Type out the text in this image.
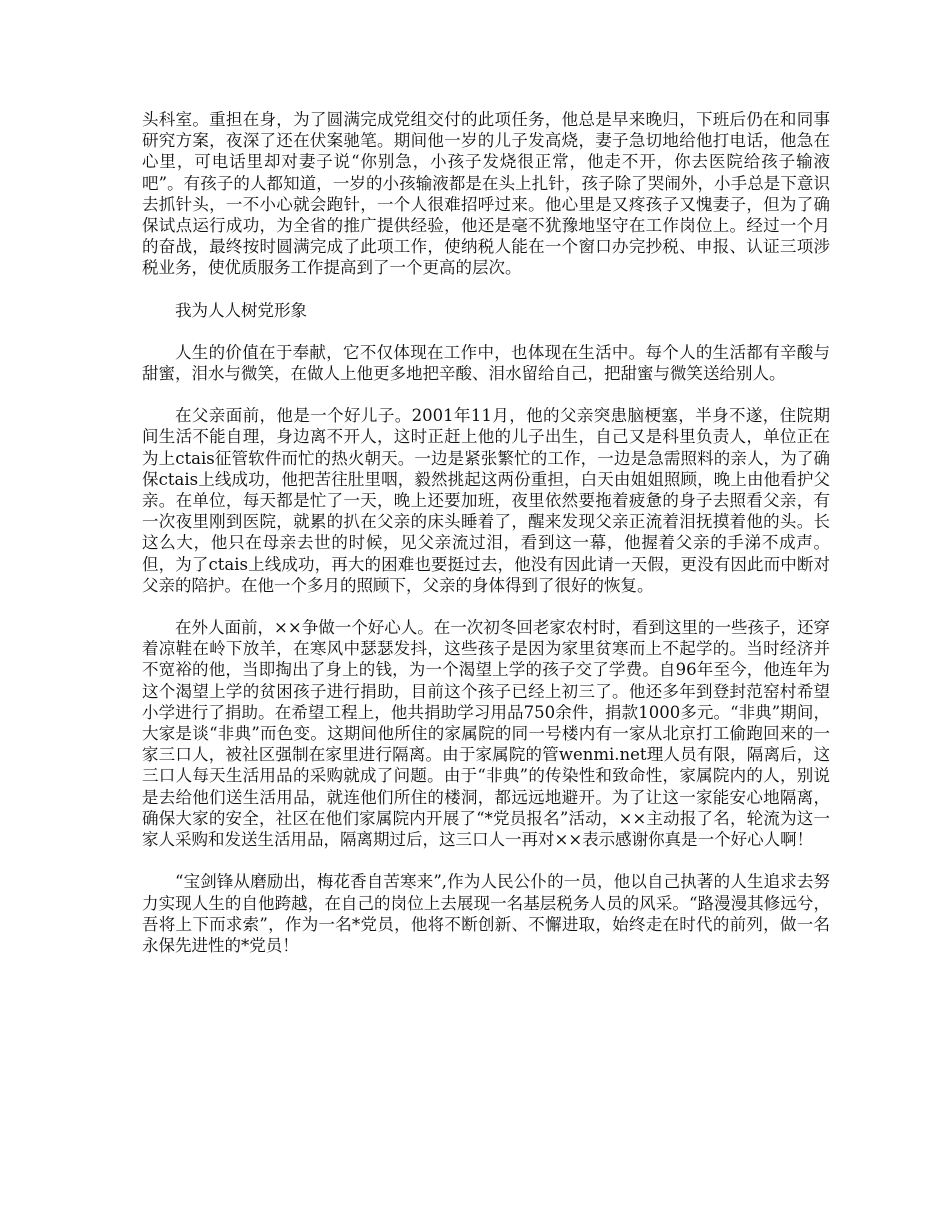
头科室。重担在身，为了圆满完成党组交付的此项任务，他总是早来晚归，下班后仍在和同事研究方案，夜深了还在伏案驰笔。期间他一岁的儿子发高烧，妻子急切地给他打电话，他急在心里，可电话里却对妻子说“你别急，小孩子发烧很正常，他走不开，你去医院给孩子输液吧”。有孩子的人都知道，一岁的小孩输液都是在头上扎针，孩子除了哭闹外，小手总是下意识去抓针头，一不小心就会跑针，一个人很难招呼过来。他心里是又疼孩子又愧妻子，但为了确保试点运行成功，为全省的推广提供经验，他还是毫不犹豫地坚守在工作岗位上。经过一个月的奋战，最终按时圆满完成了此项工作，使纳税人能在一个窗口办完抄税、申报、认证三项涉税业务，使优质服务工作提高到了一个更高的层次。

我为人人树党形象

人生的价值在于奉献，它不仅体现在工作中，也体现在生活中。每个人的生活都有辛酸与甜蜜，泪水与微笑，在做人上他更多地把辛酸、泪水留给自己，把甜蜜与微笑送给别人。

在父亲面前，他是一个好儿子。2001年11月，他的父亲突患脑梗塞，半身不遂，住院期间生活不能自理，身边离不开人，这时正赶上他的儿子出生，自己又是科里负责人，单位正在为上ctais征管软件而忙的热火朝天。一边是紧张繁忙的工作，一边是急需照料的亲人，为了确保ctais上线成功，他把苦往肚里咽，毅然挑起这两份重担，白天由姐姐照顾，晚上由他看护父亲。在单位，每天都是忙了一天，晚上还要加班，夜里依然要拖着疲惫的身子去照看父亲，有一次夜里刚到医院，就累的扒在父亲的床头睡着了，醒来发现父亲正流着泪抚摸着他的头。长这么大，他只在母亲去世的时候，见父亲流过泪，看到这一幕，他握着父亲的手涕不成声。但，为了ctais上线成功，再大的困难也要挺过去，他没有因此请一天假，更没有因此而中断对父亲的陪护。在他一个多月的照顾下，父亲的身体得到了很好的恢复。

在外人面前，××争做一个好心人。在一次初冬回老家农村时，看到这里的一些孩子，还穿着凉鞋在岭下放羊，在寒风中瑟瑟发抖，这些孩子是因为家里贫寒而上不起学的。当时经济并不宽裕的他，当即掏出了身上的钱，为一个渴望上学的孩子交了学费。自96年至今，他连年为这个渴望上学的贫困孩子进行捐助，目前这个孩子已经上初三了。他还多年到登封范窑村希望小学进行了捐助。在希望工程上，他共捐助学习用品750余件，捐款1000多元。“非典”期间，大家是谈“非典”而色变。这期间他所住的家属院的同一号楼内有一家从北京打工偷跑回来的一家三口人，被社区强制在家里进行隔离。由于家属院的管wenmi.net理人员有限，隔离后，这三口人每天生活用品的采购就成了问题。由于“非典”的传染性和致命性，家属院内的人，别说是去给他们送生活用品，就连他们所住的楼洞，都远远地避开。为了让这一家能安心地隔离，确保大家的安全，社区在他们家属院内开展了“*党员报名”活动，××主动报了名，轮流为这一家人采购和发送生活用品，隔离期过后，这三口人一再对××表示感谢你真是一个好心人啊！

“宝剑锋从磨励出，梅花香自苦寒来”,作为人民公仆的一员，他以自己执著的人生追求去努力实现人生的自他跨越，在自己的岗位上去展现一名基层税务人员的风采。“路漫漫其修远兮，吾将上下而求索”，作为一名*党员，他将不断创新、不懈进取，始终走在时代的前列，做一名永保先进性的*党员！
